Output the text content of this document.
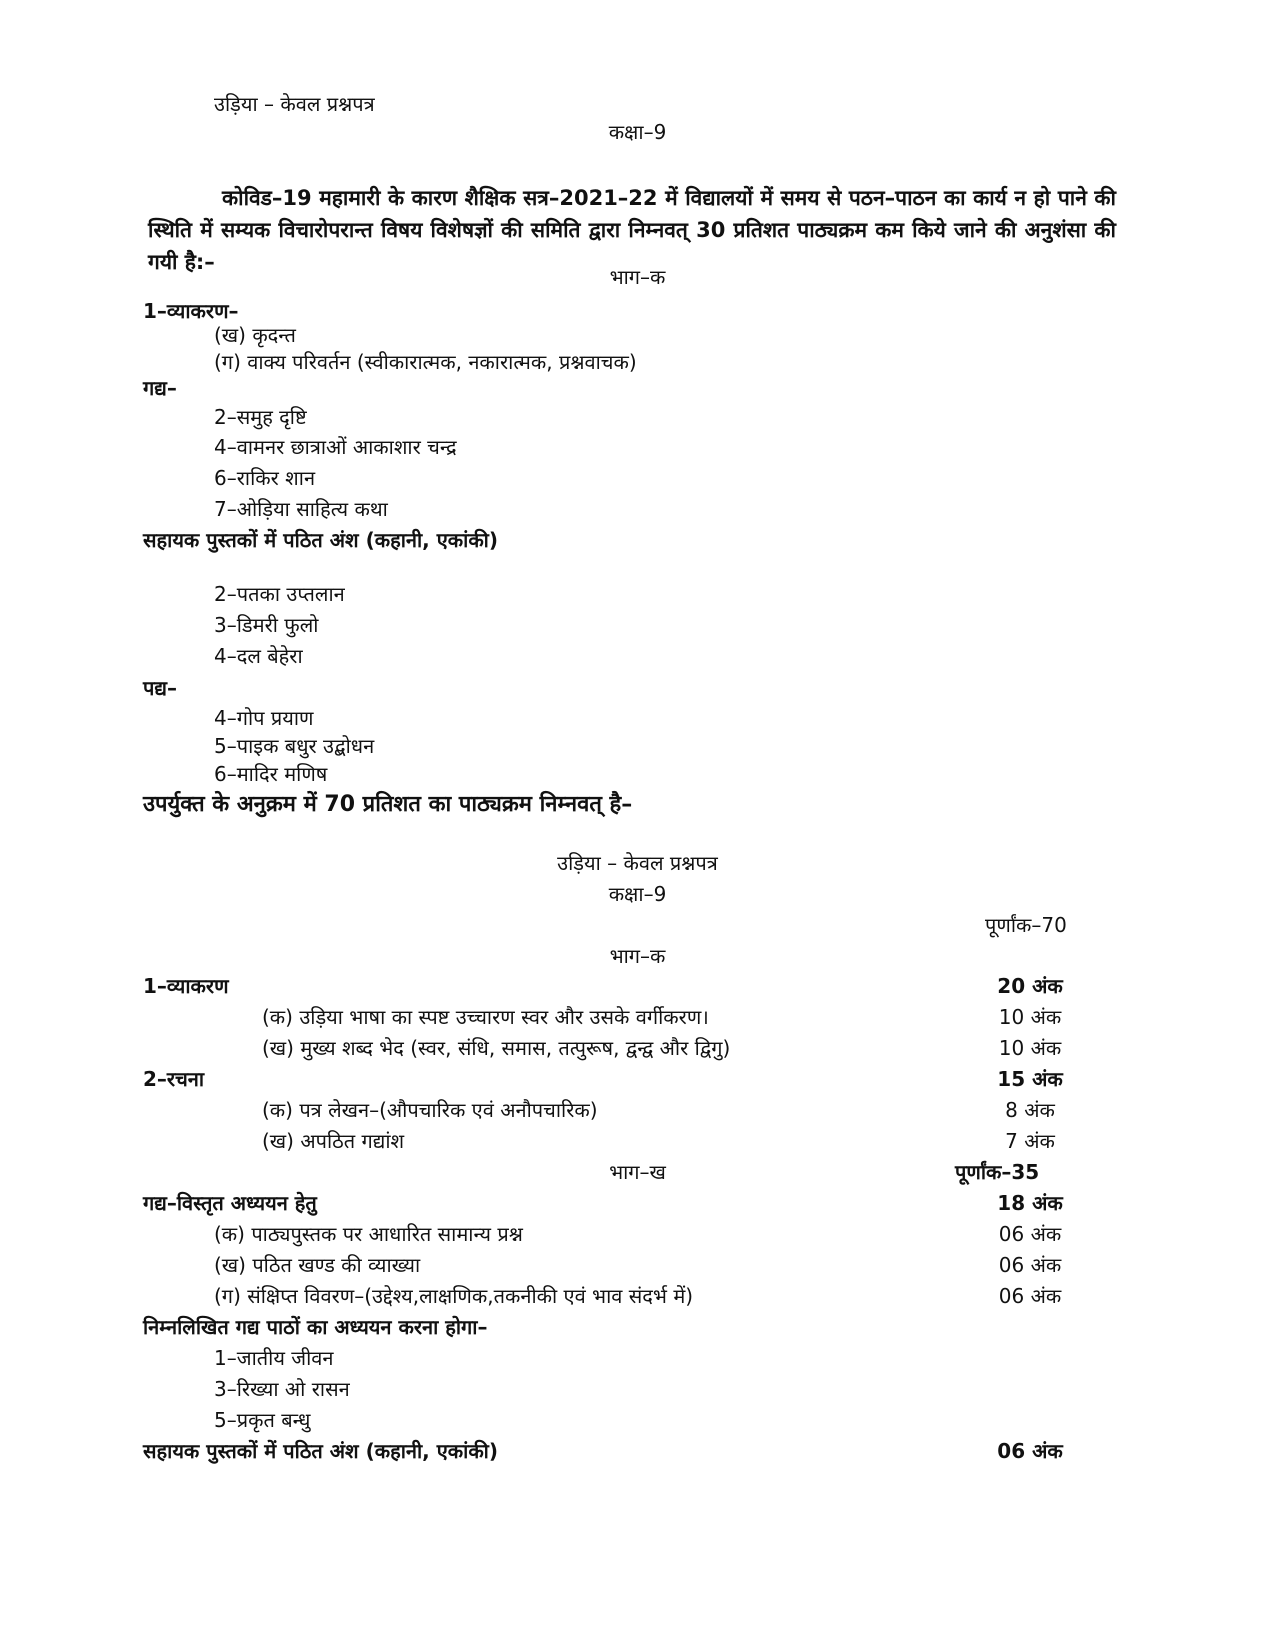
उड़िया – केवल प्रश्नपत्र
कक्षा–9

कोविड–19 महामारी के कारण शैक्षिक सत्र–2021–22 में विद्यालयों में समय से पठन–पाठन का कार्य न हो पाने की स्थिति में सम्यक विचारोपरान्त विषय विशेषज्ञों की समिति द्वारा निम्नवत् 30 प्रतिशत पाठ्यक्रम कम किये जाने की अनुशंसा की गयी है:–

भाग–क
1–व्याकरण–
(ख) कृदन्त
(ग) वाक्य परिवर्तन (स्वीकारात्मक, नकारात्मक, प्रश्नवाचक)
गद्य–
2–समुह दृष्टि
4–वामनर छात्राओं आकाशार चन्द्र
6–राकिर शान
7–ओड़िया साहित्य कथा
सहायक पुस्तकों में पठित अंश (कहानी, एकांकी)
2–पतका उप्तलान
3–डिमरी फुलो
4–दल बेहेरा
पद्य–
4–गोप प्रयाण
5–पाइक बधुर उद्बोधन
6–मादिर मणिष
उपर्युक्त के अनुक्रम में 70 प्रतिशत का पाठ्यक्रम निम्नवत् है–
उड़िया – केवल प्रश्नपत्र
कक्षा–9
पूर्णांक–70
भाग–क
1–व्याकरण	20 अंक
(क) उड़िया भाषा का स्पष्ट उच्चारण स्वर और उसके वर्गीकरण।	10 अंक
(ख) मुख्य शब्द भेद (स्वर, संधि, समास, तत्पुरूष, द्वन्द्व और द्विगु)	10 अंक
2–रचना	15 अंक
(क) पत्र लेखन–(औपचारिक एवं अनौपचारिक)	8 अंक
(ख) अपठित गद्यांश	7 अंक
भाग–ख	पूर्णांक–35
गद्य–विस्तृत अध्ययन हेतु	18 अंक
(क) पाठ्यपुस्तक पर आधारित सामान्य प्रश्न	06 अंक
(ख) पठित खण्ड की व्याख्या	06 अंक
(ग) संक्षिप्त विवरण–(उद्देश्य,लाक्षणिक,तकनीकी एवं भाव संदर्भ में)	06 अंक
निम्नलिखित गद्य पाठों का अध्ययन करना होगा–
1–जातीय जीवन
3–रिख्या ओ रासन
5–प्रकृत बन्धु
सहायक पुस्तकों में पठित अंश (कहानी, एकांकी)	06 अंक
